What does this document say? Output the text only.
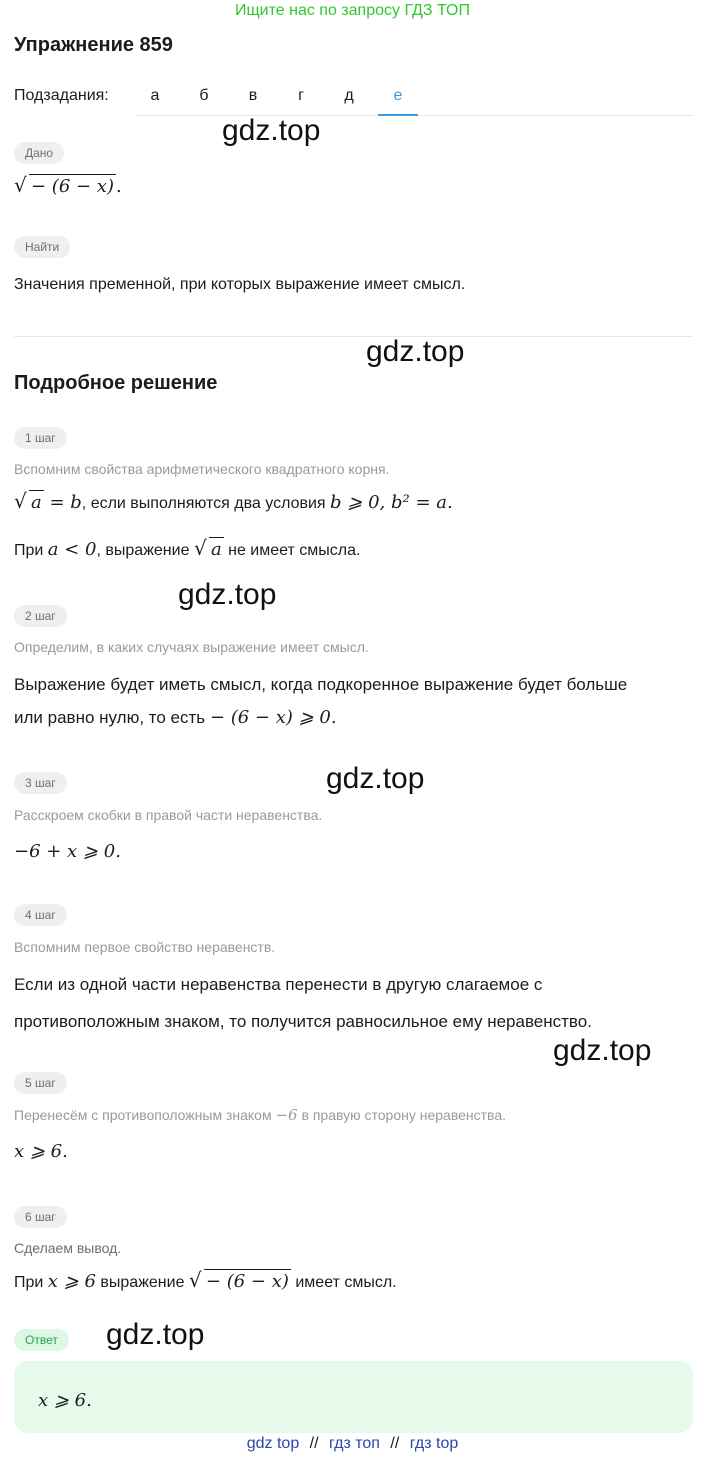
Ищите нас по запросу ГДЗ ТОП
Упражнение 859
Подзадания:	а	б	в	г	д	е
gdz.top
Дано
√ − (6 − x) .
Найти
Значения пременной, при которых выражение имеет смысл.
gdz.top
Подробное решение
1 шаг
Вспомним свойства арифметического квадратного корня.
√ a = b, если выполняются два условия b ⩾ 0, b² = a.
При a < 0, выражение √ a не имеет смысла.
gdz.top
2 шаг
Определим, в каких случаях выражение имеет смысл.
Выражение будет иметь смысл, когда подкоренное выражение будет больше
или равно нулю, то есть − (6 − x) ⩾ 0.
gdz.top
3 шаг
Расскроем скобки в правой части неравенства.
−6 + x ⩾ 0.
4 шаг
Вспомним первое свойство неравенств.
Если из одной части неравенства перенести в другую слагаемое с
противоположным знаком, то получится равносильное ему неравенство.
gdz.top
5 шаг
Перенесём с противоположным знаком −6 в правую сторону неравенства.
x ⩾ 6.
6 шаг
Сделаем вывод.
При x ⩾ 6 выражение √ − (6 − x) имеет смысл.
Ответ	gdz.top
x ⩾ 6.
gdz top // гдз топ // гдз top
